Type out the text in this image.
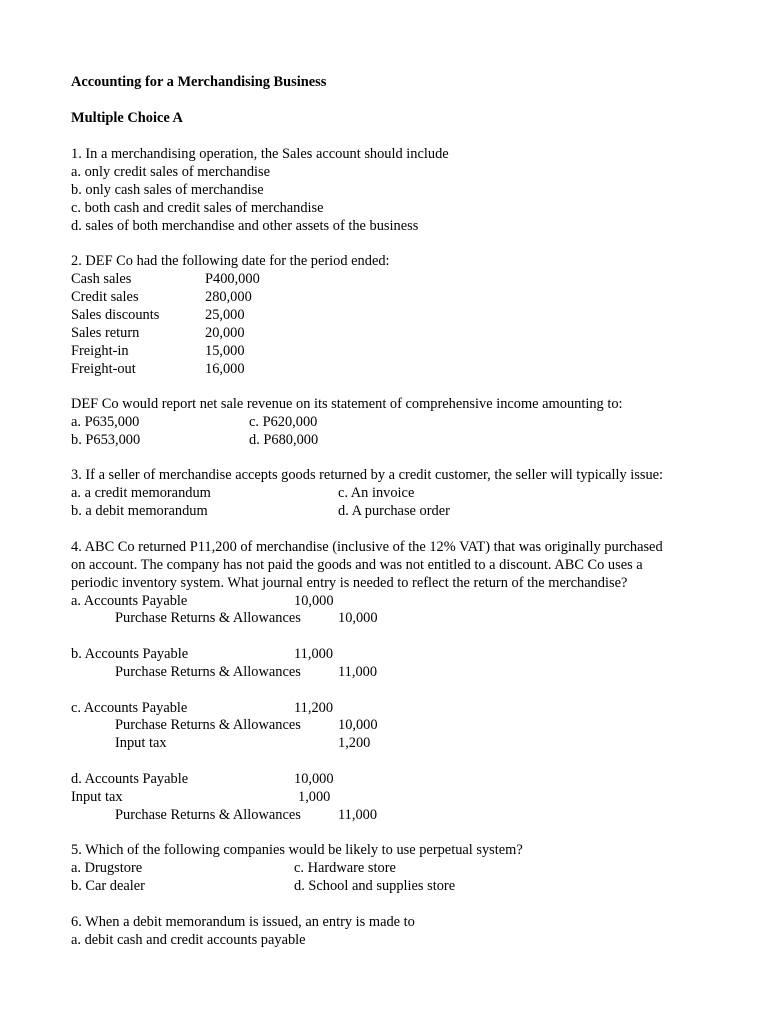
Accounting for a Merchandising Business
Multiple Choice A
1. In a merchandising operation, the Sales account should include
a. only credit sales of merchandise
b. only cash sales of merchandise
c. both cash and credit sales of merchandise
d. sales of both merchandise and other assets of the business
2. DEF Co had the following date for the period ended:
Cash sales	P400,000
Credit sales	280,000
Sales discounts	25,000
Sales return	20,000
Freight-in	15,000
Freight-out	16,000
DEF Co would report net sale revenue on its statement of comprehensive income amounting to:
a. P635,000	c. P620,000
b. P653,000	d. P680,000
3. If a seller of merchandise accepts goods returned by a credit customer, the seller will typically issue:
a. a credit memorandum	c. An invoice
b. a debit memorandum	d. A purchase order
4. ABC Co returned P11,200 of merchandise (inclusive of the 12% VAT) that was originally purchased
on account. The company has not paid the goods and was not entitled to a discount. ABC Co uses a
periodic inventory system. What journal entry is needed to reflect the return of the merchandise?
a. Accounts Payable	10,000
Purchase Returns & Allowances	10,000
b. Accounts Payable	11,000
Purchase Returns & Allowances	11,000
c. Accounts Payable	11,200
Purchase Returns & Allowances	10,000
Input tax	1,200
d. Accounts Payable	10,000
Input tax	1,000
Purchase Returns & Allowances	11,000
5. Which of the following companies would be likely to use perpetual system?
a. Drugstore	c. Hardware store
b. Car dealer	d. School and supplies store
6. When a debit memorandum is issued, an entry is made to
a. debit cash and credit accounts payable
